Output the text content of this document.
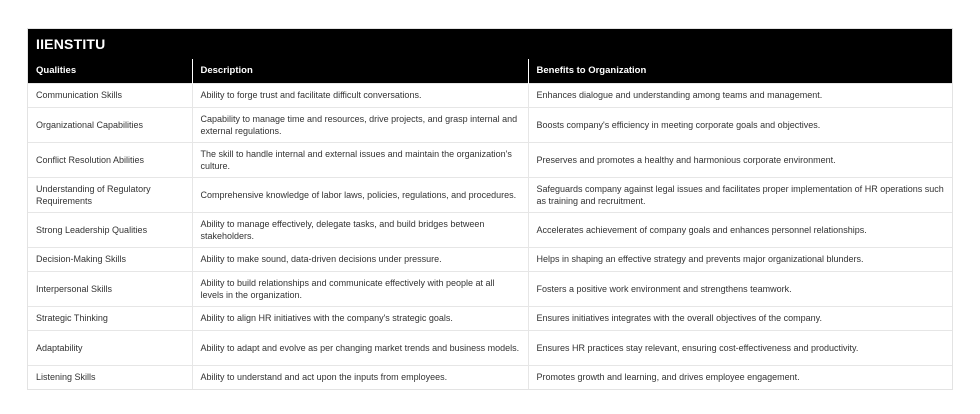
IIENSTITU
Qualities	Description	Benefits to Organization
Communication Skills	Ability to forge trust and facilitate difficult conversations.	Enhances dialogue and understanding among teams and management.
Organizational Capabilities	Capability to manage time and resources, drive projects, and grasp internal and external regulations.	Boosts company's efficiency in meeting corporate goals and objectives.
Conflict Resolution Abilities	The skill to handle internal and external issues and maintain the organization's culture.	Preserves and promotes a healthy and harmonious corporate environment.
Understanding of Regulatory Requirements	Comprehensive knowledge of labor laws, policies, regulations, and procedures.	Safeguards company against legal issues and facilitates proper implementation of HR operations such as training and recruitment.
Strong Leadership Qualities	Ability to manage effectively, delegate tasks, and build bridges between stakeholders.	Accelerates achievement of company goals and enhances personnel relationships.
Decision-Making Skills	Ability to make sound, data-driven decisions under pressure.	Helps in shaping an effective strategy and prevents major organizational blunders.
Interpersonal Skills	Ability to build relationships and communicate effectively with people at all levels in the organization.	Fosters a positive work environment and strengthens teamwork.
Strategic Thinking	Ability to align HR initiatives with the company's strategic goals.	Ensures initiatives integrates with the overall objectives of the company.
Adaptability	Ability to adapt and evolve as per changing market trends and business models.	Ensures HR practices stay relevant, ensuring cost-effectiveness and productivity.
Listening Skills	Ability to understand and act upon the inputs from employees.	Promotes growth and learning, and drives employee engagement.
